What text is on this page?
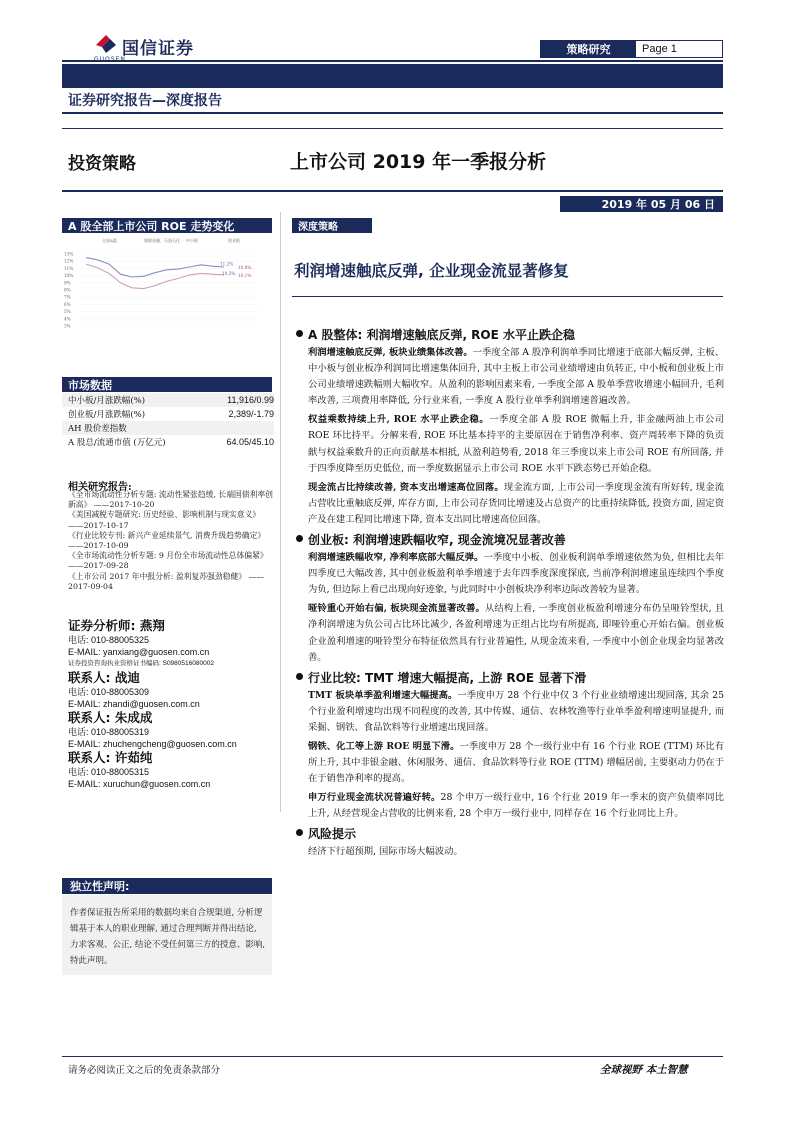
国信证券	策略研究	Page 1
证券研究报告—深度报告
投资策略	上市公司 2019 年一季报分析
2019 年 05 月 06 日
A 股全部上市公司 ROE 走势变化
全部A股	剔除金融、石油石化 中小板	创业板
13%
12%
11%
10%
9%
8%
7%
6%
5%
4%
3%
11.2%
10.8%
10.3% 10.1%
市场数据
中小板/月涨跌幅(%)	11,916/0.99
创业板/月涨跌幅(%)	2,389/-1.79
AH 股价差指数
A 股总/流通市值 (万亿元)	64.05/45.10
相关研究报告:
《全市场流动性分析专题: 流动性紧张趋缓, 长端国债利率创新高》 ——2017-10-20
《美国减税专题研究: 历史经验、影响机制与现实意义》 ——2017-10-17
《行业比较专刊: 新兴产业延续景气, 消费升级趋势确定》 ——2017-10-09
《全市场流动性分析专题: 9 月份全市场流动性总体偏紧》 ——2017-09-28
《上市公司 2017 年中报分析: 盈利复苏强劲稳健》 ——2017-09-04
证券分析师: 燕翔
电话: 010-88005325
E-MAIL: yanxiang@guosen.com.cn
证券投资咨询执业资格证书编码: S0980516080002
联系人: 战迪
电话: 010-88005309
E-MAIL: zhandi@guosen.com.cn
联系人: 朱成成
电话: 010-88005319
E-MAIL: zhuchengcheng@guosen.com.cn
联系人: 许茹纯
电话: 010-88005315
E-MAIL: xuruchun@guosen.com.cn
独立性声明:
作者保证报告所采用的数据均来自合规渠道, 分析逻辑基于本人的职业理解, 通过合理判断并得出结论, 力求客观、公正, 结论不受任何第三方的授意、影响, 特此声明。
深度策略
利润增速触底反弹, 企业现金流显著修复
A 股整体: 利润增速触底反弹, ROE 水平止跌企稳

利润增速触底反弹, 板块业绩集体改善。一季度全部 A 股净利润单季同比增速于底部大幅反弹, 主板、中小板与创业板净利润同比增速集体回升, 其中主板上市公司业绩增速由负转正, 中小板和创业板上市公司业绩增速跌幅则大幅收窄。从盈利的影响因素来看, 一季度全部 A 股单季营收增速小幅回升, 毛利率改善, 三项费用率降低, 分行业来看, 一季度 A 股行业单季利润增速普遍改善。

权益乘数持续上升, ROE 水平止跌企稳。一季度全部 A 股 ROE 微幅上升, 非金融两油上市公司 ROE 环比持平。分解来看, ROE 环比基本持平的主要原因在于销售净利率、资产周转率下降的负贡献与权益乘数升的正向贡献基本相抵, 从盈利趋势看, 2018 年三季度以来上市公司 ROE 有所回落, 并于四季度降至历史低位, 而一季度数据显示上市公司 ROE 水平下跌态势已开始企稳。

现金流占比持续改善, 资本支出增速高位回落。现金流方面, 上市公司一季度现金流有所好转, 现金流占营收比重触底反弹, 库存方面, 上市公司存货同比增速及占总资产的比重持续降低, 投资方面, 固定资产及在建工程同比增速下降, 资本支出同比增速高位回落。

创业板: 利润增速跌幅收窄, 现金流境况显著改善

利润增速跌幅收窄, 净利率底部大幅反弹。一季度中小板、创业板利润单季增速依然为负, 但相比去年四季度已大幅改善, 其中创业板盈利单季增速于去年四季度深度探底, 当前净利润增速虽连续四个季度为负, 但边际上看已出现向好迹象, 与此同时中小创板块净利率边际改善较为显著。

哑铃重心开始右偏, 板块现金流显著改善。从结构上看, 一季度创业板盈利增速分布仍呈哑铃型状, 且净利润增速为负公司占比环比减少, 各盈利增速为正组占比均有所提高, 即哑铃重心开始右偏。创业板企业盈利增速的哑铃型分布特征依然具有行业普遍性, 从现金流来看, 一季度中小创企业现金均显著改善。

行业比较: TMT 增速大幅提高, 上游 ROE 显著下滑

TMT 板块单季盈利增速大幅提高。一季度申万 28 个行业中仅 3 个行业业绩增速出现回落, 其余 25 个行业盈利增速均出现不同程度的改善, 其中传媒、通信、农林牧渔等行业单季盈利增速明显提升, 而采掘、钢铁、食品饮料等行业增速出现回落。

钢铁、化工等上游 ROE 明显下滑。一季度申万 28 个一级行业中有 16 个行业 ROE (TTM) 环比有所上升, 其中非银金融、休闲服务、通信、食品饮料等行业 ROE (TTM) 增幅居前, 主要驱动力仍在于在于销售净利率的提高。

申万行业现金流状况普遍好转。28 个申万一级行业中, 16 个行业 2019 年一季末的资产负债率同比上升, 从经营现金占营收的比例来看, 28 个申万一级行业中, 同样存在 16 个行业同比上升。

风险提示

经济下行超预期, 国际市场大幅波动。

请务必阅读正文之后的免责条款部分	全球视野 本土智慧
